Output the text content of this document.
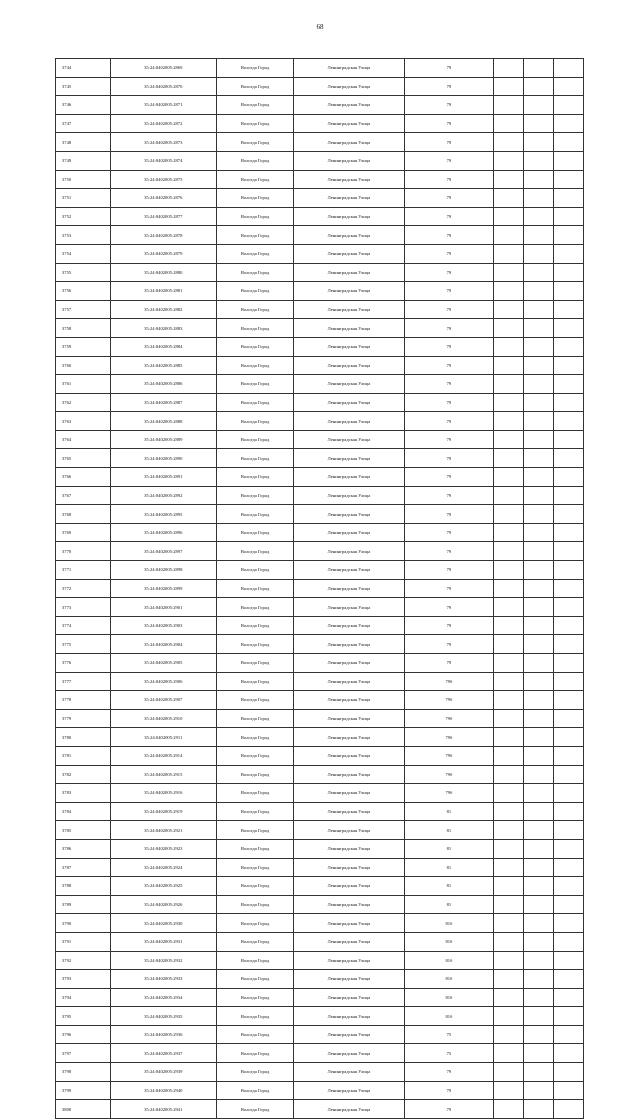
68
3744	35:24:0402005:2869	Вологда Город	Ленинградская Улица	79			
3745	35:24:0402005:2870	Вологда Город	Ленинградская Улица	79			
3746	35:24:0402005:2871	Вологда Город	Ленинградская Улица	79			
3747	35:24:0402005:2872	Вологда Город	Ленинградская Улица	79			
3748	35:24:0402005:2873	Вологда Город	Ленинградская Улица	79			
3749	35:24:0402005:2874	Вологда Город	Ленинградская Улица	79			
3750	35:24:0402005:2875	Вологда Город	Ленинградская Улица	79			
3751	35:24:0402005:2876	Вологда Город	Ленинградская Улица	79			
3752	35:24:0402005:2877	Вологда Город	Ленинградская Улица	79			
3753	35:24:0402005:2878	Вологда Город	Ленинградская Улица	79			
3754	35:24:0402005:2879	Вологда Город	Ленинградская Улица	79			
3755	35:24:0402005:2880	Вологда Город	Ленинградская Улица	79			
3756	35:24:0402005:2881	Вологда Город	Ленинградская Улица	79			
3757	35:24:0402005:2882	Вологда Город	Ленинградская Улица	79			
3758	35:24:0402005:2883	Вологда Город	Ленинградская Улица	79			
3759	35:24:0402005:2884	Вологда Город	Ленинградская Улица	79			
3760	35:24:0402005:2885	Вологда Город	Ленинградская Улица	79			
3761	35:24:0402005:2886	Вологда Город	Ленинградская Улица	79			
3762	35:24:0402005:2887	Вологда Город	Ленинградская Улица	79			
3763	35:24:0402005:2888	Вологда Город	Ленинградская Улица	79			
3764	35:24:0402005:2889	Вологда Город	Ленинградская Улица	79			
3765	35:24:0402005:2890	Вологда Город	Ленинградская Улица	79			
3766	35:24:0402005:2891	Вологда Город	Ленинградская Улица	79			
3767	35:24:0402005:2892	Вологда Город	Ленинградская Улица	79			
3768	35:24:0402005:2895	Вологда Город	Ленинградская Улица	79			
3769	35:24:0402005:2896	Вологда Город	Ленинградская Улица	79			
3770	35:24:0402005:2897	Вологда Город	Ленинградская Улица	79			
3771	35:24:0402005:2898	Вологда Город	Ленинградская Улица	79			
3772	35:24:0402005:2899	Вологда Город	Ленинградская Улица	79			
3773	35:24:0402005:2901	Вологда Город	Ленинградская Улица	79			
3774	35:24:0402005:2903	Вологда Город	Ленинградская Улица	79			
3775	35:24:0402005:2904	Вологда Город	Ленинградская Улица	79			
3776	35:24:0402005:2905	Вологда Город	Ленинградская Улица	79			
3777	35:24:0402005:2906	Вологда Город	Ленинградская Улица	79б			
3778	35:24:0402005:2907	Вологда Город	Ленинградская Улица	79б			
3779	35:24:0402005:2910	Вологда Город	Ленинградская Улица	79б			
3780	35:24:0402005:2911	Вологда Город	Ленинградская Улица	79б			
3781	35:24:0402005:2914	Вологда Город	Ленинградская Улица	79б			
3782	35:24:0402005:2915	Вологда Город	Ленинградская Улица	79б			
3783	35:24:0402005:2916	Вологда Город	Ленинградская Улица	79б			
3784	35:24:0402005:2919	Вологда Город	Ленинградская Улица	81			
3785	35:24:0402005:2921	Вологда Город	Ленинградская Улица	81			
3786	35:24:0402005:2923	Вологда Город	Ленинградская Улица	81			
3787	35:24:0402005:2924	Вологда Город	Ленинградская Улица	81			
3788	35:24:0402005:2925	Вологда Город	Ленинградская Улица	81			
3789	35:24:0402005:2926	Вологда Город	Ленинградская Улица	81			
3790	35:24:0402005:2930	Вологда Город	Ленинградская Улица	81б			
3791	35:24:0402005:2931	Вологда Город	Ленинградская Улица	81б			
3792	35:24:0402005:2932	Вологда Город	Ленинградская Улица	81б			
3793	35:24:0402005:2933	Вологда Город	Ленинградская Улица	81б			
3794	35:24:0402005:2934	Вологда Город	Ленинградская Улица	81б			
3795	35:24:0402005:2935	Вологда Город	Ленинградская Улица	81б			
3796	35:24:0402005:2936	Вологда Город	Ленинградская Улица	75			
3797	35:24:0402005:2937	Вологда Город	Ленинградская Улица	75			
3798	35:24:0402005:2939	Вологда Город	Ленинградская Улица	79			
3799	35:24:0402005:2940	Вологда Город	Ленинградская Улица	79			
3800	35:24:0402005:2941	Вологда Город	Ленинградская Улица	79			
